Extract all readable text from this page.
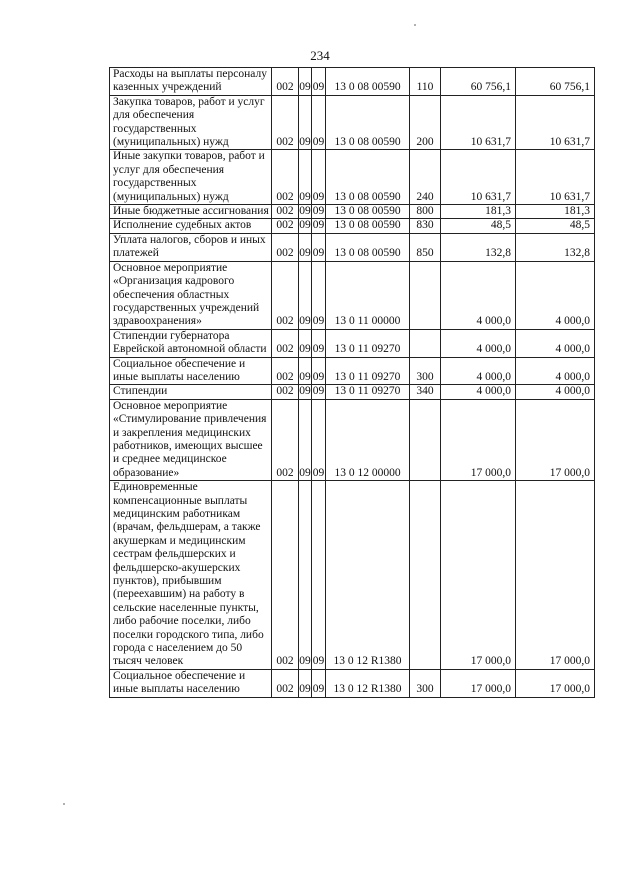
234
Расходы на выплаты персоналу казенных учреждений	002	09	09	13 0 08 00590	110	60 756,1	60 756,1
Закупка товаров, работ и услуг для обеспечения государственных (муниципальных) нужд	002	09	09	13 0 08 00590	200	10 631,7	10 631,7
Иные закупки товаров, работ и услуг для обеспечения государственных (муниципальных) нужд	002	09	09	13 0 08 00590	240	10 631,7	10 631,7
Иные бюджетные ассигнования	002	09	09	13 0 08 00590	800	181,3	181,3
Исполнение судебных актов	002	09	09	13 0 08 00590	830	48,5	48,5
Уплата налогов, сборов и иных платежей	002	09	09	13 0 08 00590	850	132,8	132,8
Основное мероприятие «Организация кадрового обеспечения областных государственных учреждений здравоохранения»	002	09	09	13 0 11 00000		4 000,0	4 000,0
Стипендии губернатора Еврейской автономной области	002	09	09	13 0 11 09270		4 000,0	4 000,0
Социальное обеспечение и иные выплаты населению	002	09	09	13 0 11 09270	300	4 000,0	4 000,0
Стипендии	002	09	09	13 0 11 09270	340	4 000,0	4 000,0
Основное мероприятие «Стимулирование привлечения и закрепления медицинских работников, имеющих высшее и среднее медицинское образование»	002	09	09	13 0 12 00000		17 000,0	17 000,0
Единовременные компенсационные выплаты медицинским работникам (врачам, фельдшерам, а также акушеркам и медицинским сестрам фельдшерских и фельдшерско-акушерских пунктов), прибывшим (переехавшим) на работу в сельские населенные пункты, либо рабочие поселки, либо поселки городского типа, либо города с населением до 50 тысяч человек	002	09	09	13 0 12 R1380		17 000,0	17 000,0
Социальное обеспечение и иные выплаты населению	002	09	09	13 0 12 R1380	300	17 000,0	17 000,0
